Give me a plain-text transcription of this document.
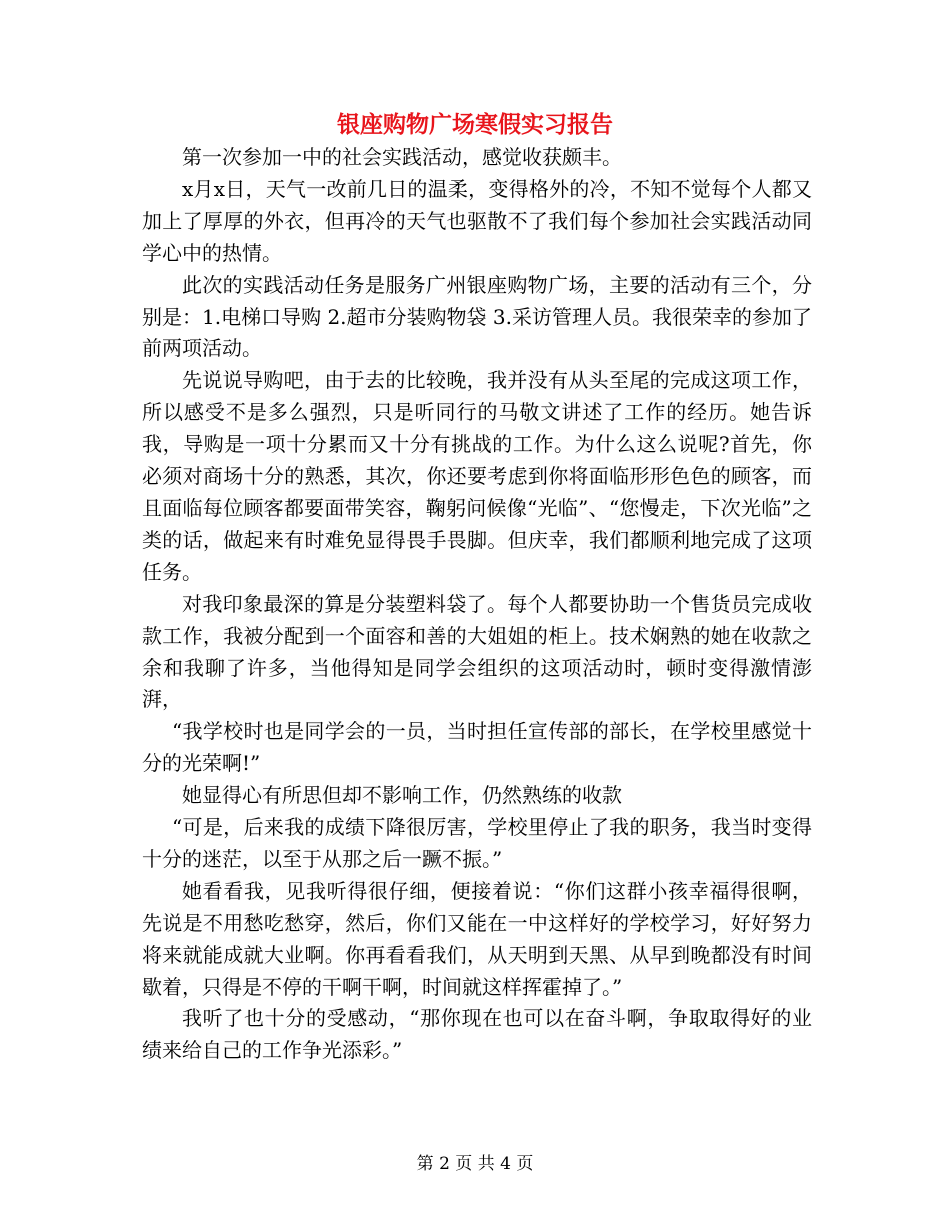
银座购物广场寒假实习报告

第一次参加一中的社会实践活动，感觉收获颇丰。

x月x日，天气一改前几日的温柔，变得格外的冷，不知不觉每个人都又加上了厚厚的外衣，但再冷的天气也驱散不了我们每个参加社会实践活动同学心中的热情。

此次的实践活动任务是服务广州银座购物广场，主要的活动有三个，分别是：1.电梯口导购 2.超市分装购物袋 3.采访管理人员。我很荣幸的参加了前两项活动。

先说说导购吧，由于去的比较晚，我并没有从头至尾的完成这项工作，所以感受不是多么强烈，只是听同行的马敬文讲述了工作的经历。她告诉我，导购是一项十分累而又十分有挑战的工作。为什么这么说呢?首先，你必须对商场十分的熟悉，其次，你还要考虑到你将面临形形色色的顾客，而且面临每位顾客都要面带笑容，鞠躬问候像“光临”、“您慢走，下次光临”之类的话，做起来有时难免显得畏手畏脚。但庆幸，我们都顺利地完成了这项任务。

对我印象最深的算是分装塑料袋了。每个人都要协助一个售货员完成收款工作，我被分配到一个面容和善的大姐姐的柜上。技术娴熟的她在收款之余和我聊了许多，当他得知是同学会组织的这项活动时，顿时变得激情澎湃，

“我学校时也是同学会的一员，当时担任宣传部的部长，在学校里感觉十分的光荣啊!”

她显得心有所思但却不影响工作，仍然熟练的收款

“可是，后来我的成绩下降很厉害，学校里停止了我的职务，我当时变得十分的迷茫，以至于从那之后一蹶不振。”

她看看我，见我听得很仔细，便接着说：“你们这群小孩幸福得很啊，先说是不用愁吃愁穿，然后，你们又能在一中这样好的学校学习，好好努力将来就能成就大业啊。你再看看我们，从天明到天黑、从早到晚都没有时间歇着，只得是不停的干啊干啊，时间就这样挥霍掉了。”

我听了也十分的受感动，“那你现在也可以在奋斗啊，争取取得好的业绩来给自己的工作争光添彩。”

第 2 页 共 4 页
